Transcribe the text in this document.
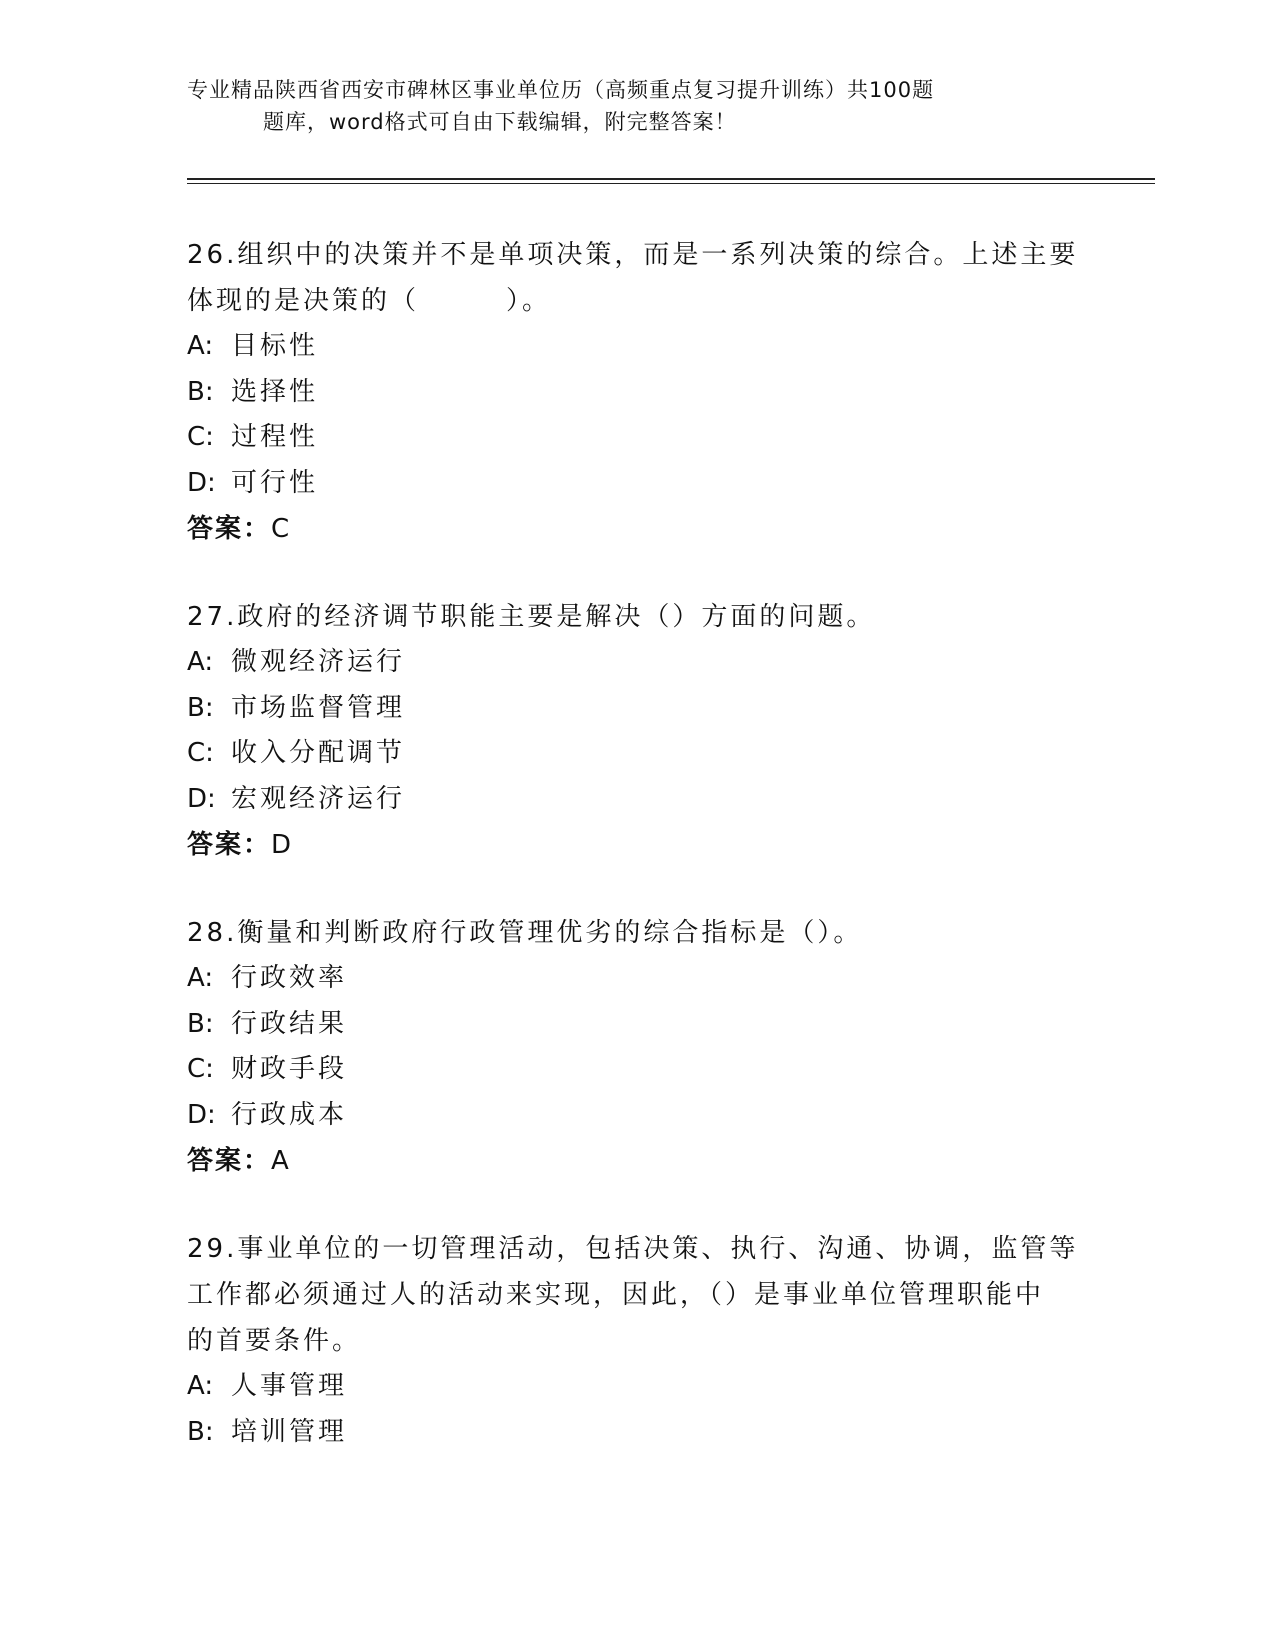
专业精品陕西省西安市碑林区事业单位历（高频重点复习提升训练）共100题
题库，word格式可自由下载编辑，附完整答案！
26.组织中的决策并不是单项决策，而是一系列决策的综合。上述主要
体现的是决策的（　　　）。
A: 目标性
B: 选择性
C: 过程性
D: 可行性
答案：C
27.政府的经济调节职能主要是解决（）方面的问题。
A: 微观经济运行
B: 市场监督管理
C: 收入分配调节
D: 宏观经济运行
答案：D
28.衡量和判断政府行政管理优劣的综合指标是（）。
A: 行政效率
B: 行政结果
C: 财政手段
D: 行政成本
答案：A
29.事业单位的一切管理活动，包括决策、执行、沟通、协调，监管等
工作都必须通过人的活动来实现，因此，（）是事业单位管理职能中
的首要条件。
A: 人事管理
B: 培训管理
